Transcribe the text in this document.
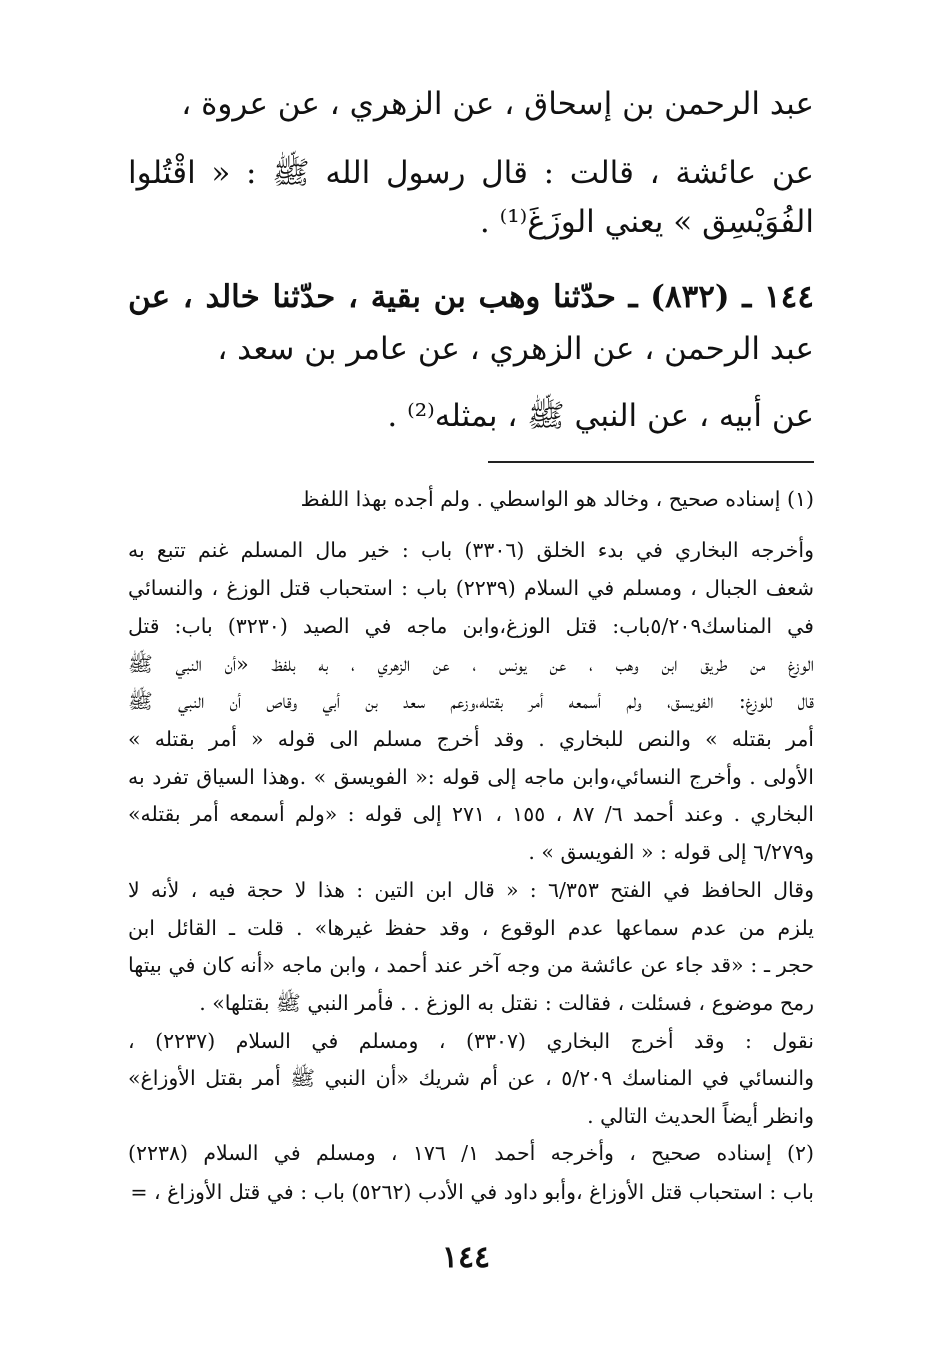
عبد الرحمن بن إسحاق ، عن الزهري ، عن عروة ،
عن عائشة ، قالت : قال رسول الله ﷺ : « اقْتُلوا
الفُوَيْسِق » يعني الوزَغَ⁽¹⁾ .
١٤٤ ـ (٨٣٢) ـ حدّثنا وهب بن بقية ، حدّثنا خالد ، عن
عبد الرحمن ، عن الزهري ، عن عامر بن سعد ،
عن أبيه ، عن النبي ﷺ ، بمثله⁽²⁾ .
(١) إسناده صحيح ، وخالد هو الواسطي . ولم أجده بهذا اللفظ
وأخرجه البخاري في بدء الخلق (٣٣٠٦) باب : خير مال المسلم غنم تتبع به
شعف الجبال ، ومسلم في السلام (٢٢٣٩) باب : استحباب قتل الوزغ ، والنسائي
في المناسك٥/٢٠٩باب: قتل الوزغ،وابن ماجه في الصيد (٣٢٣٠) باب: قتل
الوزغ من طريق ابن وهب ، عن يونس ، عن الزهري ، به بلفظ «أن النبي ﷺ
قال للوزغ: الفويسق، ولم أسمعه أمر بقتله،وزعم سعد بن أبي وقاص أن النبي ﷺ
أمر بقتله » والنص للبخاري . وقد أخرج مسلم الى قوله « أمر بقتله »
الأولى . وأخرج النسائي،وابن ماجه إلى قوله :« الفويسق » .وهذا السياق تفرد به
البخاري . وعند أحمد ٦/ ٨٧ ، ١٥٥ ، ٢٧١ إلى قوله : «ولم أسمعه أمر بقتله»
و٦/٢٧٩ إلى قوله : « الفويسق » .
وقال الحافظ في الفتح ٦/٣٥٣ : « قال ابن التين : هذا لا حجة فيه ، لأنه لا
يلزم من عدم سماعها عدم الوقوع ، وقد حفظ غيرها» . قلت ـ القائل ابن
حجر ـ : «قد جاء عن عائشة من وجه آخر عند أحمد ، وابن ماجه «أنه كان في بيتها
رمح موضوع ، فسئلت ، فقالت : نقتل به الوزغ . . فأمر النبي ﷺ بقتلها» .
نقول : وقد أخرج البخاري (٣٣٠٧) ، ومسلم في السلام (٢٢٣٧) ،
والنسائي في المناسك ٥/٢٠٩ ، عن أم شريك «أن النبي ﷺ أمر بقتل الأوزاغ»
وانظر أيضاً الحديث التالي .
(٢) إسناده صحيح ، وأخرجه أحمد ١/ ١٧٦ ، ومسلم في السلام (٢٢٣٨)
باب : استحباب قتل الأوزاغ ،وأبو داود في الأدب (٥٢٦٢) باب : في قتل الأوزاغ ، =
١٤٤
